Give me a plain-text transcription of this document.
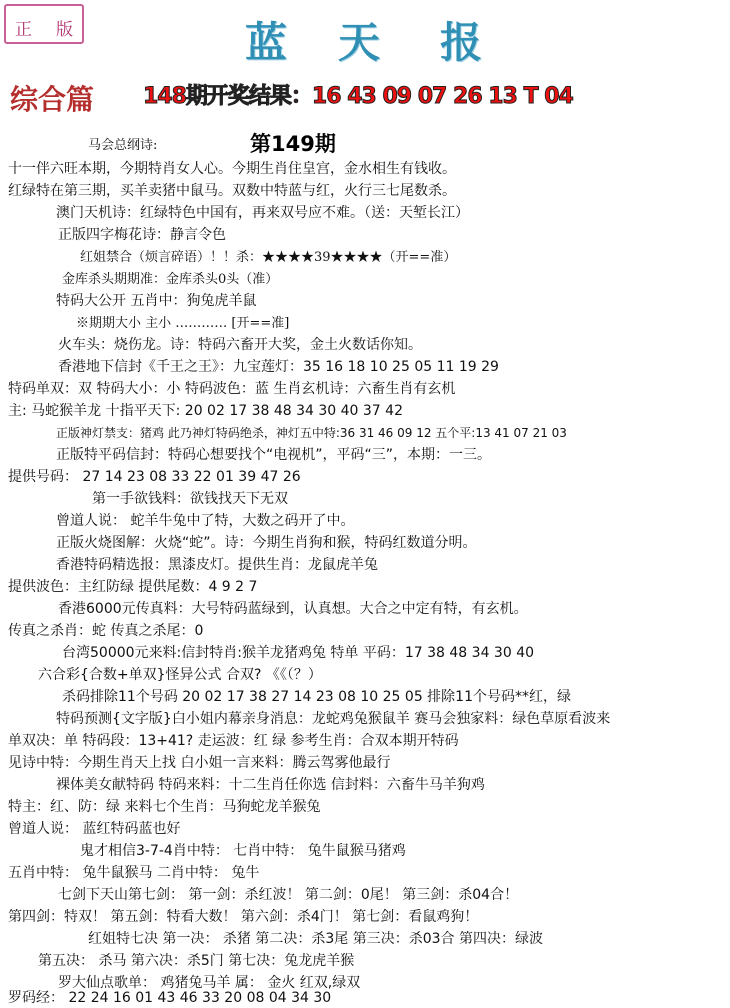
正 版	蓝 天 报
综合篇 148期开奖结果：16 43 09 07 26 13 T 04
第149期
马会总纲诗:
十一伴六旺本期，今期特肖女人心。今期生肖住皇宫，金水相生有钱收。
红绿特在第三期，买羊卖猪中鼠马。双数中特蓝与红，火行三七尾数杀。
澳门天机诗：红绿特色中国有，再来双号应不难。（送：天堑长江）
正版四字梅花诗：静言令色
红姐禁合（烦言碎语）！！杀：★★★★39★★★★（开==准）
金库杀头期期准：金库杀头0头（准）
特码大公开 五肖中：狗兔虎羊鼠
※期期大小 主小 ………… [开==准]
火车头：烧伤龙。诗：特码六畜开大奖，金土火数话你知。
香港地下信封《千王之王》：九宝莲灯：35 16 18 10 25 05 11 19 29
特码单双：双 特码大小：小 特码波色：蓝 生肖玄机诗：六畜生肖有玄机
主: 马蛇猴羊龙 十指平天下: 20 02 17 38 48 34 30 40 37 42
正版神灯禁支：猪鸡 此乃神灯特码绝杀，神灯五中特:36 31 46 09 12 五个平:13 41 07 21 03
正版特平码信封：特码心想要找个“电视机”，平码“三”，本期：一三。
提供号码： 27 14 23 08 33 22 01 39 47 26
第一手欲钱料：欲钱找天下无双
曾道人说： 蛇羊牛兔中了特，大数之码开了中。
正版火烧图解：火烧“蛇”。诗：今期生肖狗和猴，特码红数道分明。
香港特码精选报：黑漆皮灯。提供生肖：龙鼠虎羊兔
提供波色：主红防绿 提供尾数：4 9 2 7
香港6000元传真料：大号特码蓝绿到，认真想。大合之中定有特，有玄机。
传真之杀肖：蛇 传真之杀尾：0
台湾50000元来料:信封特肖:猴羊龙猪鸡兔 特单 平码：17 38 48 34 30 40
六合彩{合数+单双}怪异公式 合双? 《《（？）
杀码排除11个号码 20 02 17 38 27 14 23 08 10 25 05 排除11个号码**红，绿
特码预测{文字版}白小姐内幕亲身消息：龙蛇鸡兔猴鼠羊 赛马会独家料：绿色草原看波来
单双决：单 特码段：13+41? 走运波：红 绿 参考生肖：合双本期开特码
见诗中特：今期生肖天上找 白小姐一言来料：腾云驾雾他最行
裸体美女献特码 特码来料：十二生肖任你选 信封料：六畜牛马羊狗鸡
特主：红、防：绿 来料七个生肖：马狗蛇龙羊猴兔
曾道人说： 蓝红特码蓝也好
鬼才相信3-7-4肖中特： 七肖中特： 兔牛鼠猴马猪鸡
五肖中特： 兔牛鼠猴马 二肖中特： 兔牛
七剑下天山第七剑： 第一剑：杀红波！ 第二剑：0尾！ 第三剑：杀04合！
第四剑：特双！ 第五剑：特看大数！ 第六剑：杀4门！ 第七剑：看鼠鸡狗！
红姐特七决 第一决： 杀猪 第二决：杀3尾 第三决：杀03合 第四决：绿波
第五决： 杀马 第六决：杀5门 第七决：兔龙虎羊猴
罗大仙点歌单： 鸡猪兔马羊 属： 金火 红双,绿双
罗码经： 22 24 16 01 43 46 33 20 08 04 34 30
